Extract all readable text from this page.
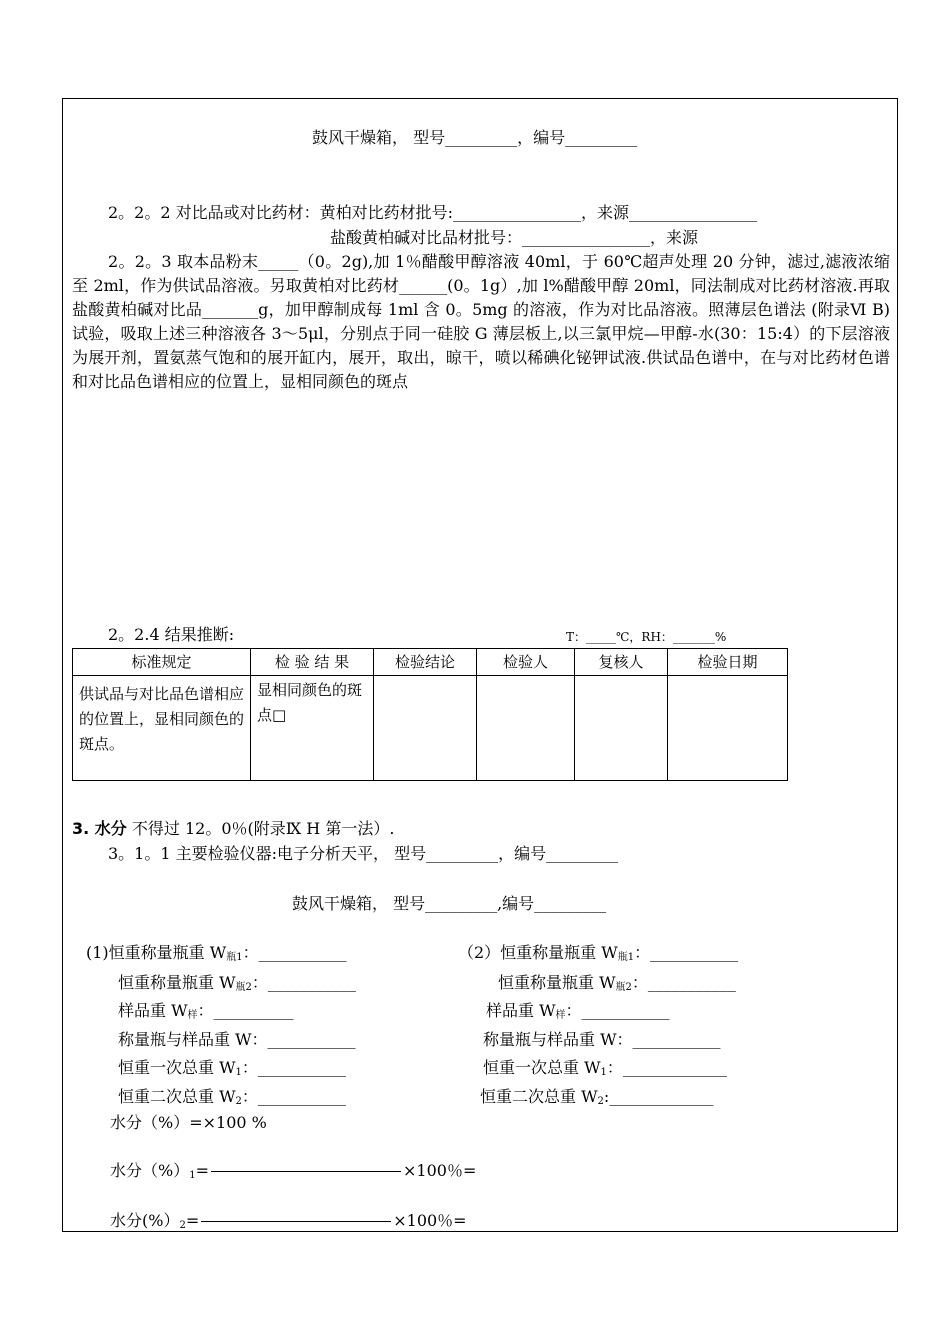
鼓风干燥箱， 型号_________，编号_________
2。2。2 对比品或对比药材：黄柏对比药材批号:________________，来源________________
盐酸黄柏碱对比品材批号：________________，来源
2。2。3 取本品粉末_____（0。2g),加 1％醋酸甲醇溶液 40ml，于 60℃超声处理 20 分钟，滤过,滤液浓缩至 2ml，作为供试品溶液。另取黄柏对比药材______(0。1g）,加 l%醋酸甲醇 20ml，同法制成对比药材溶液.再取盐酸黄柏碱对比品_______g，加甲醇制成每 1ml 含 0。5mg 的溶液，作为对比品溶液。照薄层色谱法 (附录Ⅵ B)试验，吸取上述三种溶液各 3～5μl，分别点于同一硅胶 G 薄层板上,以三氯甲烷—甲醇-水(30：15:4）的下层溶液为展开剂，置氨蒸气饱和的展开缸内，展开，取出，晾干，喷以稀碘化铋钾试液.供试品色谱中，在与对比药材色谱和对比品色谱相应的位置上，显相同颜色的斑点
2。2.4 结果推断:	T：_____℃，RH：_______%
标准规定	检 验 结 果	检验结论	检验人	复核人	检验日期
供试品与对比品色谱相应的位置上，显相同颜色的斑点。	显相同颜色的斑点□				
3. 水分 不得过 12。0％(附录Ⅸ H 第一法）.
3。1。1 主要检验仪器:电子分析天平， 型号_________，编号_________
鼓风干燥箱， 型号_________,编号_________
(1)恒重称量瓶重 $W_{瓶1}$：___________
恒重称量瓶重 $W_{瓶2}$：___________
样品重 $W_样$：__________
称量瓶与样品重 W：___________
恒重一次总重 $W_1$：___________
恒重二次总重 $W_2$：___________
（2）恒重称量瓶重 $W_{瓶1}$：___________
恒重称量瓶重 $W_{瓶2}$：___________
样品重 $W_样$：___________
称量瓶与样品重 W：___________
恒重一次总重 $W_1$：_____________
恒重二次总重 $W_2:\_\_\_\_\_\_\_\_\_\_\_\_\_$
水分（%）=×100 %
水分$(\%)_1=$	×100％=
水分$(\%)_2=$	×100％=
